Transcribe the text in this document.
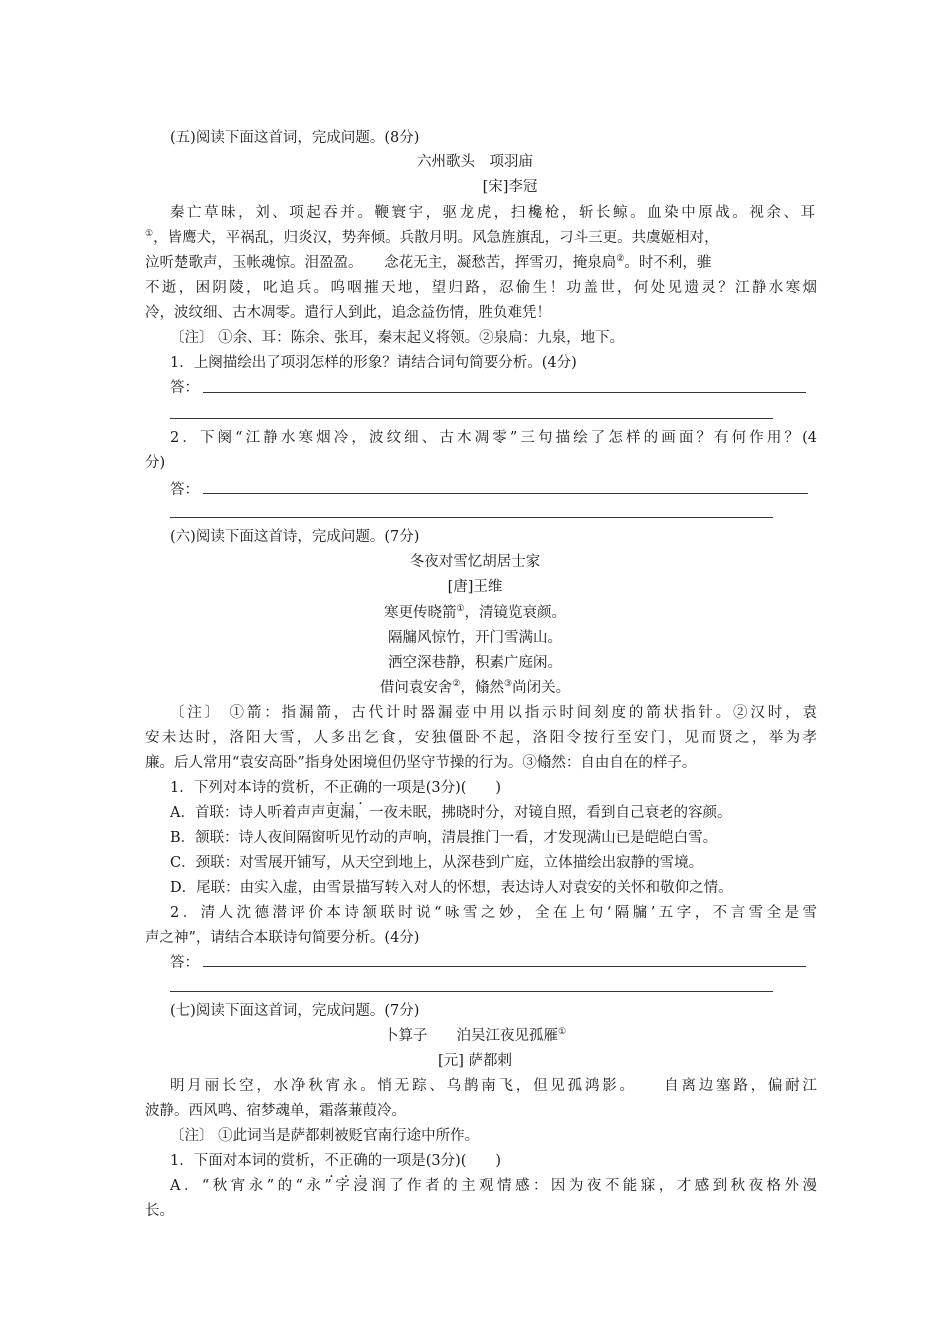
(五)阅读下面这首词，完成问题。(8分)
六州歌头　项羽庙
[宋]李冠
秦亡草昧，刘、项起吞并。鞭寰宇，驱龙虎，扫欃枪，斩长鲸。血染中原战。视余、耳
①，皆鹰犬，平祸乱，归炎汉，势奔倾。兵散月明。风急旌旗乱，刁斗三更。共虞姬相对，
泣听楚歌声，玉帐魂惊。泪盈盈。　　念花无主，凝愁苦，挥雪刃，掩泉扃②。时不利，骓
不逝，困阴陵，叱追兵。呜咽摧天地，望归路，忍偷生！功盖世，何处见遗灵？江静水寒烟
冷，波纹细、古木凋零。遣行人到此，追念益伤情，胜负难凭！
〔注〕 ①余、耳：陈余、张耳，秦末起义将领。②泉扃：九泉，地下。
1．上阕描绘出了项羽怎样的形象？请结合词句简要分析。(4分)
答：
2．下阕“江静水寒烟冷，波纹细、古木凋零”三句描绘了怎样的画面？有何作用？(4
分)
答：
(六)阅读下面这首诗，完成问题。(7分)
冬夜对雪忆胡居士家
[唐]王维
寒更传晓箭①，清镜览衰颜。
隔牖风惊竹，开门雪满山。
洒空深巷静，积素广庭闲。
借问袁安舍②，翛然③尚闭关。
〔注〕 ①箭：指漏箭，古代计时器漏壶中用以指示时间刻度的箭状指针。②汉时，袁
安未达时，洛阳大雪，人多出乞食，安独僵卧不起，洛阳令按行至安门，见而贤之，举为孝
廉。后人常用“袁安高卧”指身处困境但仍坚守节操的行为。③翛然：自由自在的样子。
1．下列对本诗的赏析，不正确的一项是(3分)(　　)
A．首联：诗人听着声声更漏，一夜未眠，拂晓时分，对镜自照，看到自己衰老的容颜。
B．颔联：诗人夜间隔窗听见竹动的声响，清晨推门一看，才发现满山已是皑皑白雪。
C．颈联：对雪展开铺写，从天空到地上，从深巷到广庭，立体描绘出寂静的雪境。
D．尾联：由实入虚，由雪景描写转入对人的怀想，表达诗人对袁安的关怀和敬仰之情。
2．清人沈德潜评价本诗颔联时说“咏雪之妙，全在上句‘隔牖’五字，不言雪全是雪
声之神”，请结合本联诗句简要分析。(4分)
答：
(七)阅读下面这首词，完成问题。(7分)
卜算子　　泊吴江夜见孤雁①
[元] 萨都剌
明月丽长空，水净秋宵永。悄无踪、乌鹊南飞，但见孤鸿影。　　自离边塞路，偏耐江
波静。西风鸣、宿梦魂单，霜落蒹葭冷。
〔注〕 ①此词当是萨都剌被贬官南行途中所作。
1．下面对本词的赏析，不正确的一项是(3分)(　　)
A．“秋宵永”的“永”字浸润了作者的主观情感：因为夜不能寐，才感到秋夜格外漫
长。
